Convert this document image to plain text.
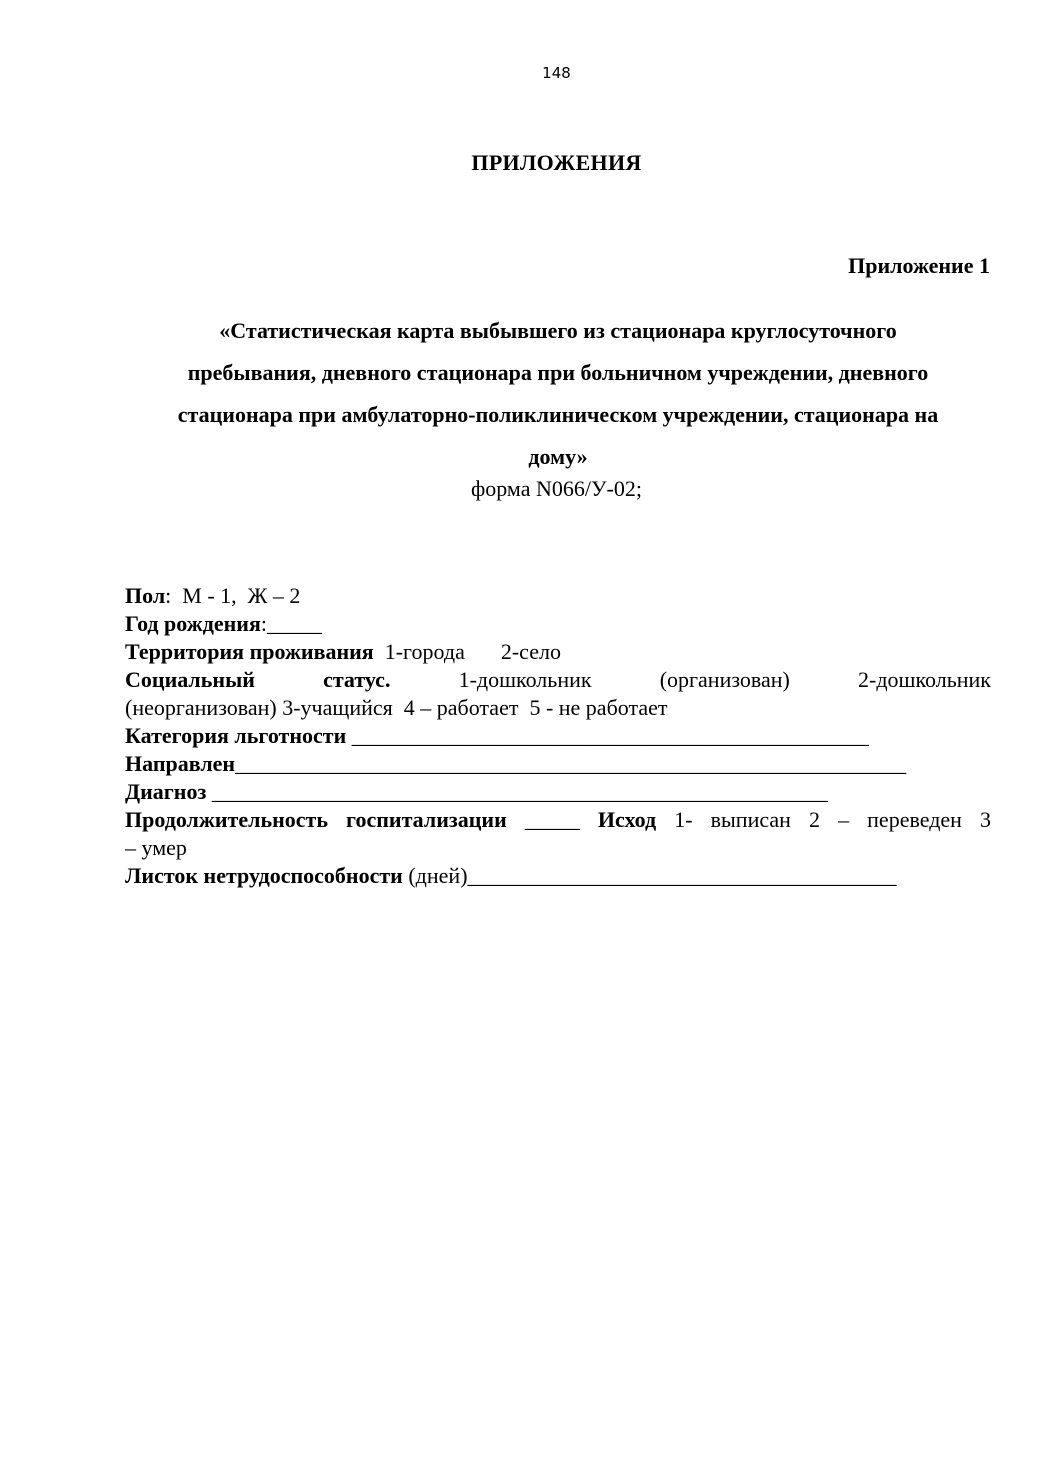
148
ПРИЛОЖЕНИЯ
Приложение 1
«Статистическая карта выбывшего из стационара круглосуточного
пребывания, дневного стационара при больничном учреждении, дневного
стационара при амбулаторно-поликлиническом учреждении, стационара на
дому»
форма N066/У-02;
Пол:  М - 1,  Ж – 2
Год рождения:_____
Территория проживания  1-города 2-село
Социальный	статус.	1-дошкольник	(организован)	2-дошкольник
(неорганизован) 3-учащийся  4 – работает  5 - не работает
Категория льготности _______________________________________________
Направлен_____________________________________________________________
Диагноз ________________________________________________________
Продолжительность госпитализации _____ Исход 1- выписан 2 – переведен 3
– умер
Листок нетрудоспособности (дней)_______________________________________
